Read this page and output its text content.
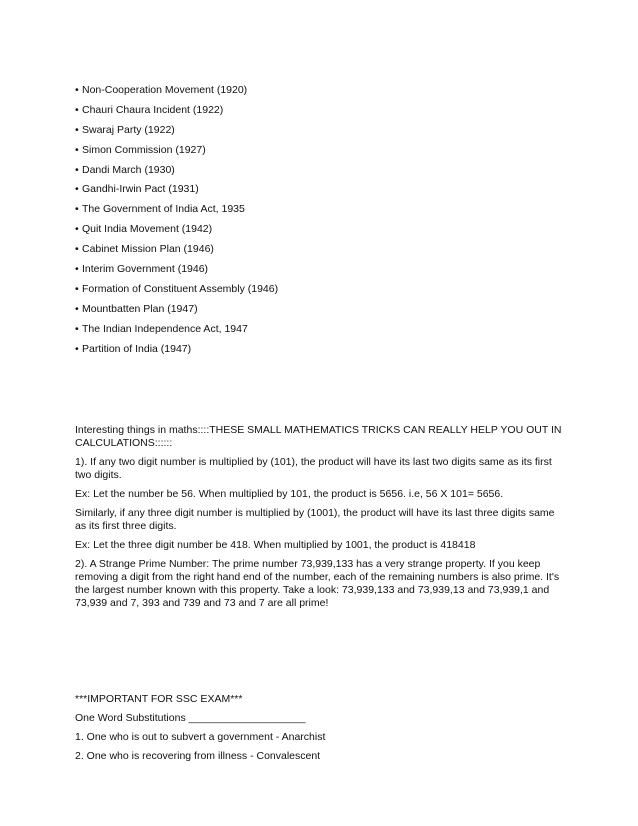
• Non-Cooperation Movement (1920)
• Chauri Chaura Incident (1922)
• Swaraj Party (1922)
• Simon Commission (1927)
• Dandi March (1930)
• Gandhi-Irwin Pact (1931)
• The Government of India Act, 1935
• Quit India Movement (1942)
• Cabinet Mission Plan (1946)
• Interim Government (1946)
• Formation of Constituent Assembly (1946)
• Mountbatten Plan (1947)
• The Indian Independence Act, 1947
• Partition of India (1947)

Interesting things in maths::::THESE SMALL MATHEMATICS TRICKS CAN REALLY HELP YOU OUT IN CALCULATIONS::::::

1). If any two digit number is multiplied by (101), the product will have its last two digits same as its first two digits.

Ex: Let the number be 56. When multiplied by 101, the product is 5656. i.e, 56 X 101= 5656.

Similarly, if any three digit number is multiplied by (1001), the product will have its last three digits same as its first three digits.

Ex: Let the three digit number be 418. When multiplied by 1001, the product is 418418

2). A Strange Prime Number: The prime number 73,939,133 has a very strange property. If you keep removing a digit from the right hand end of the number, each of the remaining numbers is also prime. It's the largest number known with this property. Take a look: 73,939,133 and 73,939,13 and 73,939,1 and 73,939 and 7, 393 and 739 and 73 and 7 are all prime!

***IMPORTANT FOR SSC EXAM***

One Word Substitutions ____________________

1. One who is out to subvert a government - Anarchist

2. One who is recovering from illness - Convalescent
